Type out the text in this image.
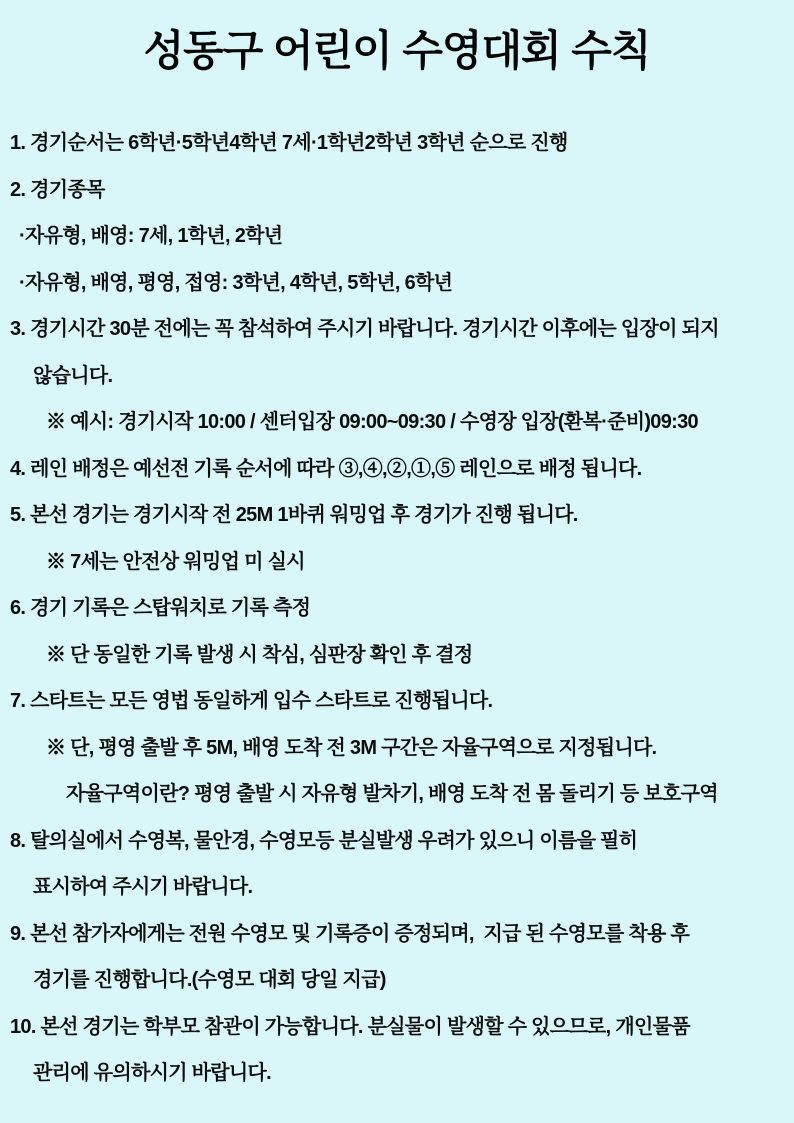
성동구 어린이 수영대회 수칙
1. 경기순서는 6학년·5학년4학년 7세·1학년2학년 3학년 순으로 진행
2. 경기종목
·자유형, 배영: 7세, 1학년, 2학년
·자유형, 배영, 평영, 접영: 3학년, 4학년, 5학년, 6학년
3. 경기시간 30분 전에는 꼭 참석하여 주시기 바랍니다. 경기시간 이후에는 입장이 되지
않습니다.
※ 예시: 경기시작 10:00 / 센터입장 09:00~09:30 / 수영장 입장(환복·준비)09:30
4. 레인 배정은 예선전 기록 순서에 따라 ③,④,②,①,⑤ 레인으로 배정 됩니다.
5. 본선 경기는 경기시작 전 25M 1바퀴 워밍업 후 경기가 진행 됩니다.
※ 7세는 안전상 워밍업 미 실시
6. 경기 기록은 스탑워치로 기록 측정
※ 단 동일한 기록 발생 시 착심, 심판장 확인 후 결정
7. 스타트는 모든 영법 동일하게 입수 스타트로 진행됩니다.
※ 단, 평영 출발 후 5M, 배영 도착 전 3M 구간은 자율구역으로 지정됩니다.
자율구역이란? 평영 출발 시 자유형 발차기, 배영 도착 전 몸 돌리기 등 보호구역
8. 탈의실에서 수영복, 물안경, 수영모등 분실발생 우려가 있으니 이름을 필히
표시하여 주시기 바랍니다.
9. 본선 참가자에게는 전원 수영모 및 기록증이 증정되며,  지급 된 수영모를 착용 후
경기를 진행합니다.(수영모 대회 당일 지급)
10. 본선 경기는 학부모 참관이 가능합니다. 분실물이 발생할 수 있으므로, 개인물품
관리에 유의하시기 바랍니다.
